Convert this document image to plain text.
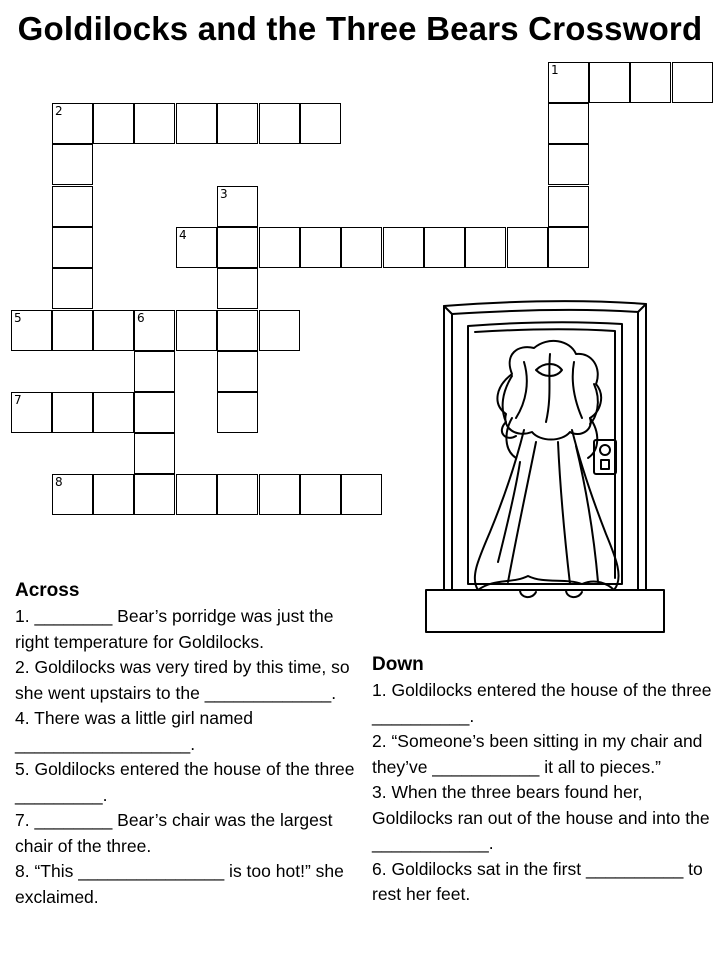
Goldilocks and the Three Bears Crossword
1
2
3
4
5	6
7
8
Across

1. ________ Bear’s porridge was just the right temperature for Goldilocks.

2. Goldilocks was very tired by this time, so she went upstairs to the _____________.

4. There was a little girl named __________________.

5. Goldilocks entered the house of the three _________.

7. ________ Bear’s chair was the largest chair of the three.

8. “This _______________ is too hot!” she exclaimed.

Down

1. Goldilocks entered the house of the three __________.

2. “Someone’s been sitting in my chair and they’ve ___________ it all to pieces.”

3. When the three bears found her, Goldilocks ran out of the house and into the ____________.

6. Goldilocks sat in the first __________ to rest her feet.
